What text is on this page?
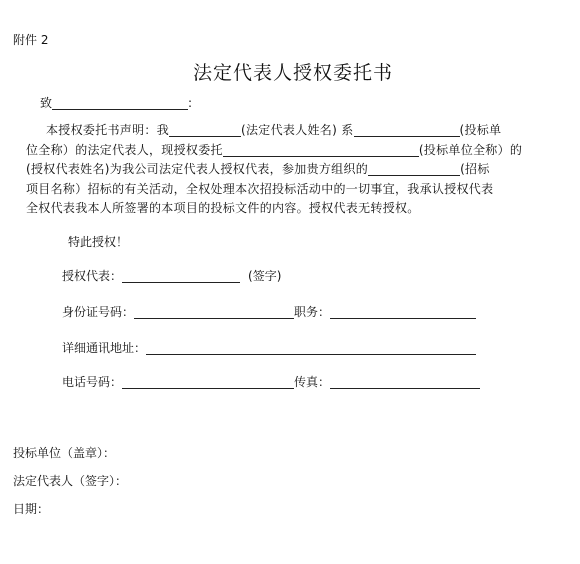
附件 2
法定代表人授权委托书
致	:
本授权委托书声明：我	(法定代表人姓名) 系	(投标单
位全称）的法定代表人，现授权委托	(投标单位全称）的
(授权代表姓名)为我公司法定代表人授权代表，参加贵方组织的	(招标
项目名称）招标的有关活动，全权处理本次招投标活动中的一切事宜，我承认授权代表
全权代表我本人所签署的本项目的投标文件的内容。授权代表无转授权。
特此授权！
授权代表：	(签字)
身份证号码：	职务：
详细通讯地址：
电话号码：	传真：
投标单位（盖章）：
法定代表人（签字）：
日期：
